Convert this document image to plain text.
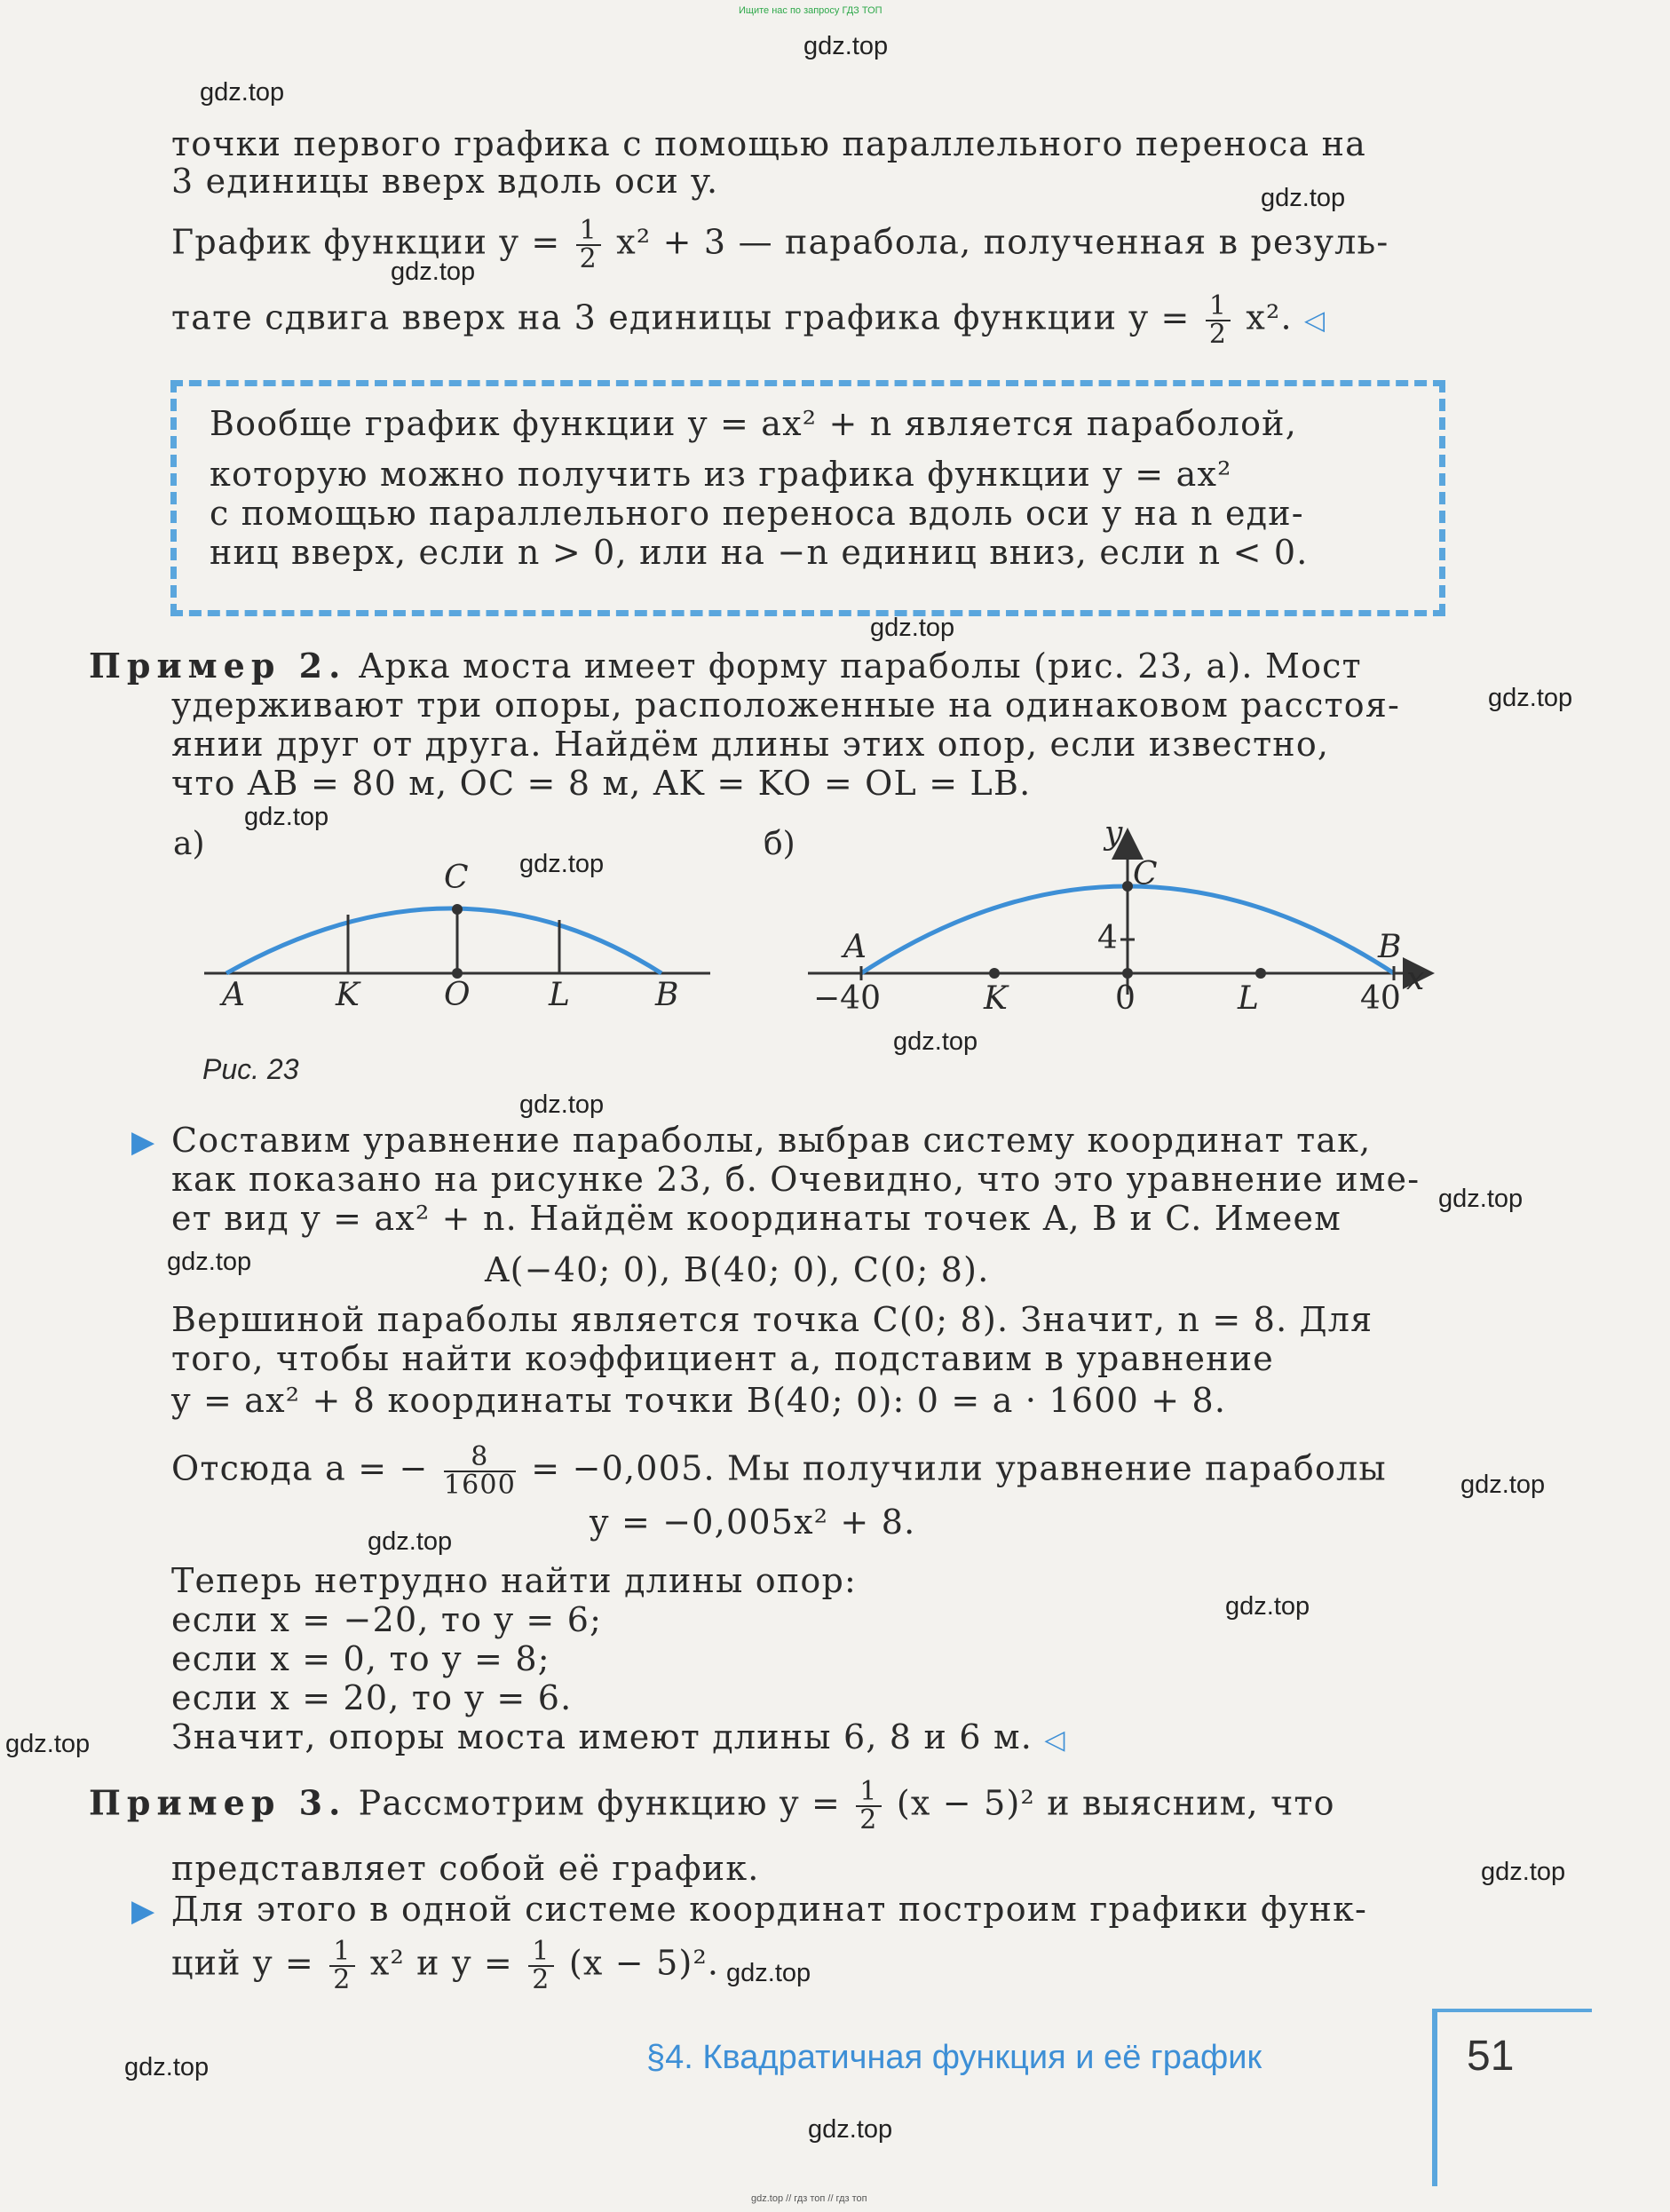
Ищите нас по запросу ГДЗ ТОП
gdz.top // гдз топ // гдз топ
gdz.top
gdz.top
gdz.top
gdz.top
gdz.top
gdz.top
gdz.top
gdz.top
gdz.top
gdz.top
gdz.top
gdz.top
gdz.top
gdz.top
gdz.top
gdz.top
gdz.top
gdz.top
gdz.top
gdz.top
точки первого графика с помощью параллельного переноса на
3 единицы вверх вдоль оси y.
График функции $y = \frac{1}{2} x^2 + 3$ — парабола, полученная в резуль-
тате сдвига вверх на 3 единицы графика функции $y = \frac{1}{2} x^2$. ◁
Вообще график функции y = ax² + n является параболой,
которую можно получить из графика функции y = ax²
с помощью параллельного переноса вдоль оси y на n еди-
ниц вверх, если n > 0, или на −n единиц вниз, если n < 0.
Пример 2. Арка моста имеет форму параболы (рис. 23, а). Мост
удерживают три опоры, расположенные на одинаковом расстоя-
янии друг от друга. Найдём длины этих опор, если известно,
что AB = 80 м, OC = 8 м, AK = KO = OL = LB.
а)
A	K	O L	B
C
б)	y
x
A
K	L
B
C
4
−40	0	40
Рис. 23
▶ Составим уравнение параболы, выбрав систему координат так,
как показано на рисунке 23, б. Очевидно, что это уравнение име-
ет вид y = ax² + n. Найдём координаты точек A, B и C. Имеем
A(−40; 0), B(40; 0), C(0; 8).
Вершиной параболы является точка C(0; 8). Значит, n = 8. Для
того, чтобы найти коэффициент a, подставим в уравнение
y = ax² + 8 координаты точки B(40; 0): 0 = a · 1600 + 8.
Отсюда a = − $\frac{8}{1600} = -0,005$. Мы получили уравнение параболы
y = −0,005x² + 8.
Теперь нетрудно найти длины опор:
если x = −20, то y = 6;
если x = 0, то y = 8;
если x = 20, то y = 6.
Значит, опоры моста имеют длины 6, 8 и 6 м. ◁
Пример 3. Рассмотрим функцию $y = \frac{1}{2} (x - 5)^2$ и выясним, что
представляет собой её график.
▶ Для этого в одной системе координат построим графики функ-
ций $y = \frac{1}{2} x^2$ и $y = \frac{1}{2} (x - 5)^2$.
§4. Квадратичная функция и её график	51
